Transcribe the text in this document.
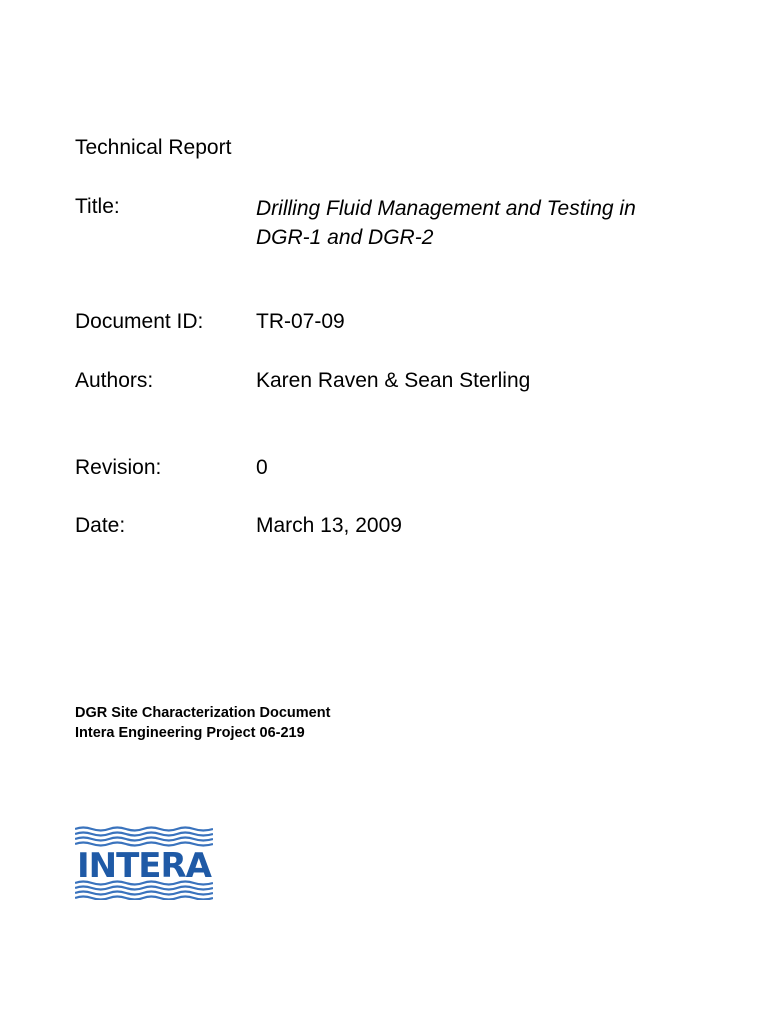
Technical Report
Title:	Drilling Fluid Management and Testing in
DGR-1 and DGR-2
Document ID:	TR-07-09
Authors:	Karen Raven & Sean Sterling
Revision:	0
Date:	March 13, 2009
DGR Site Characterization Document
Intera Engineering Project 06-219
INTERA
